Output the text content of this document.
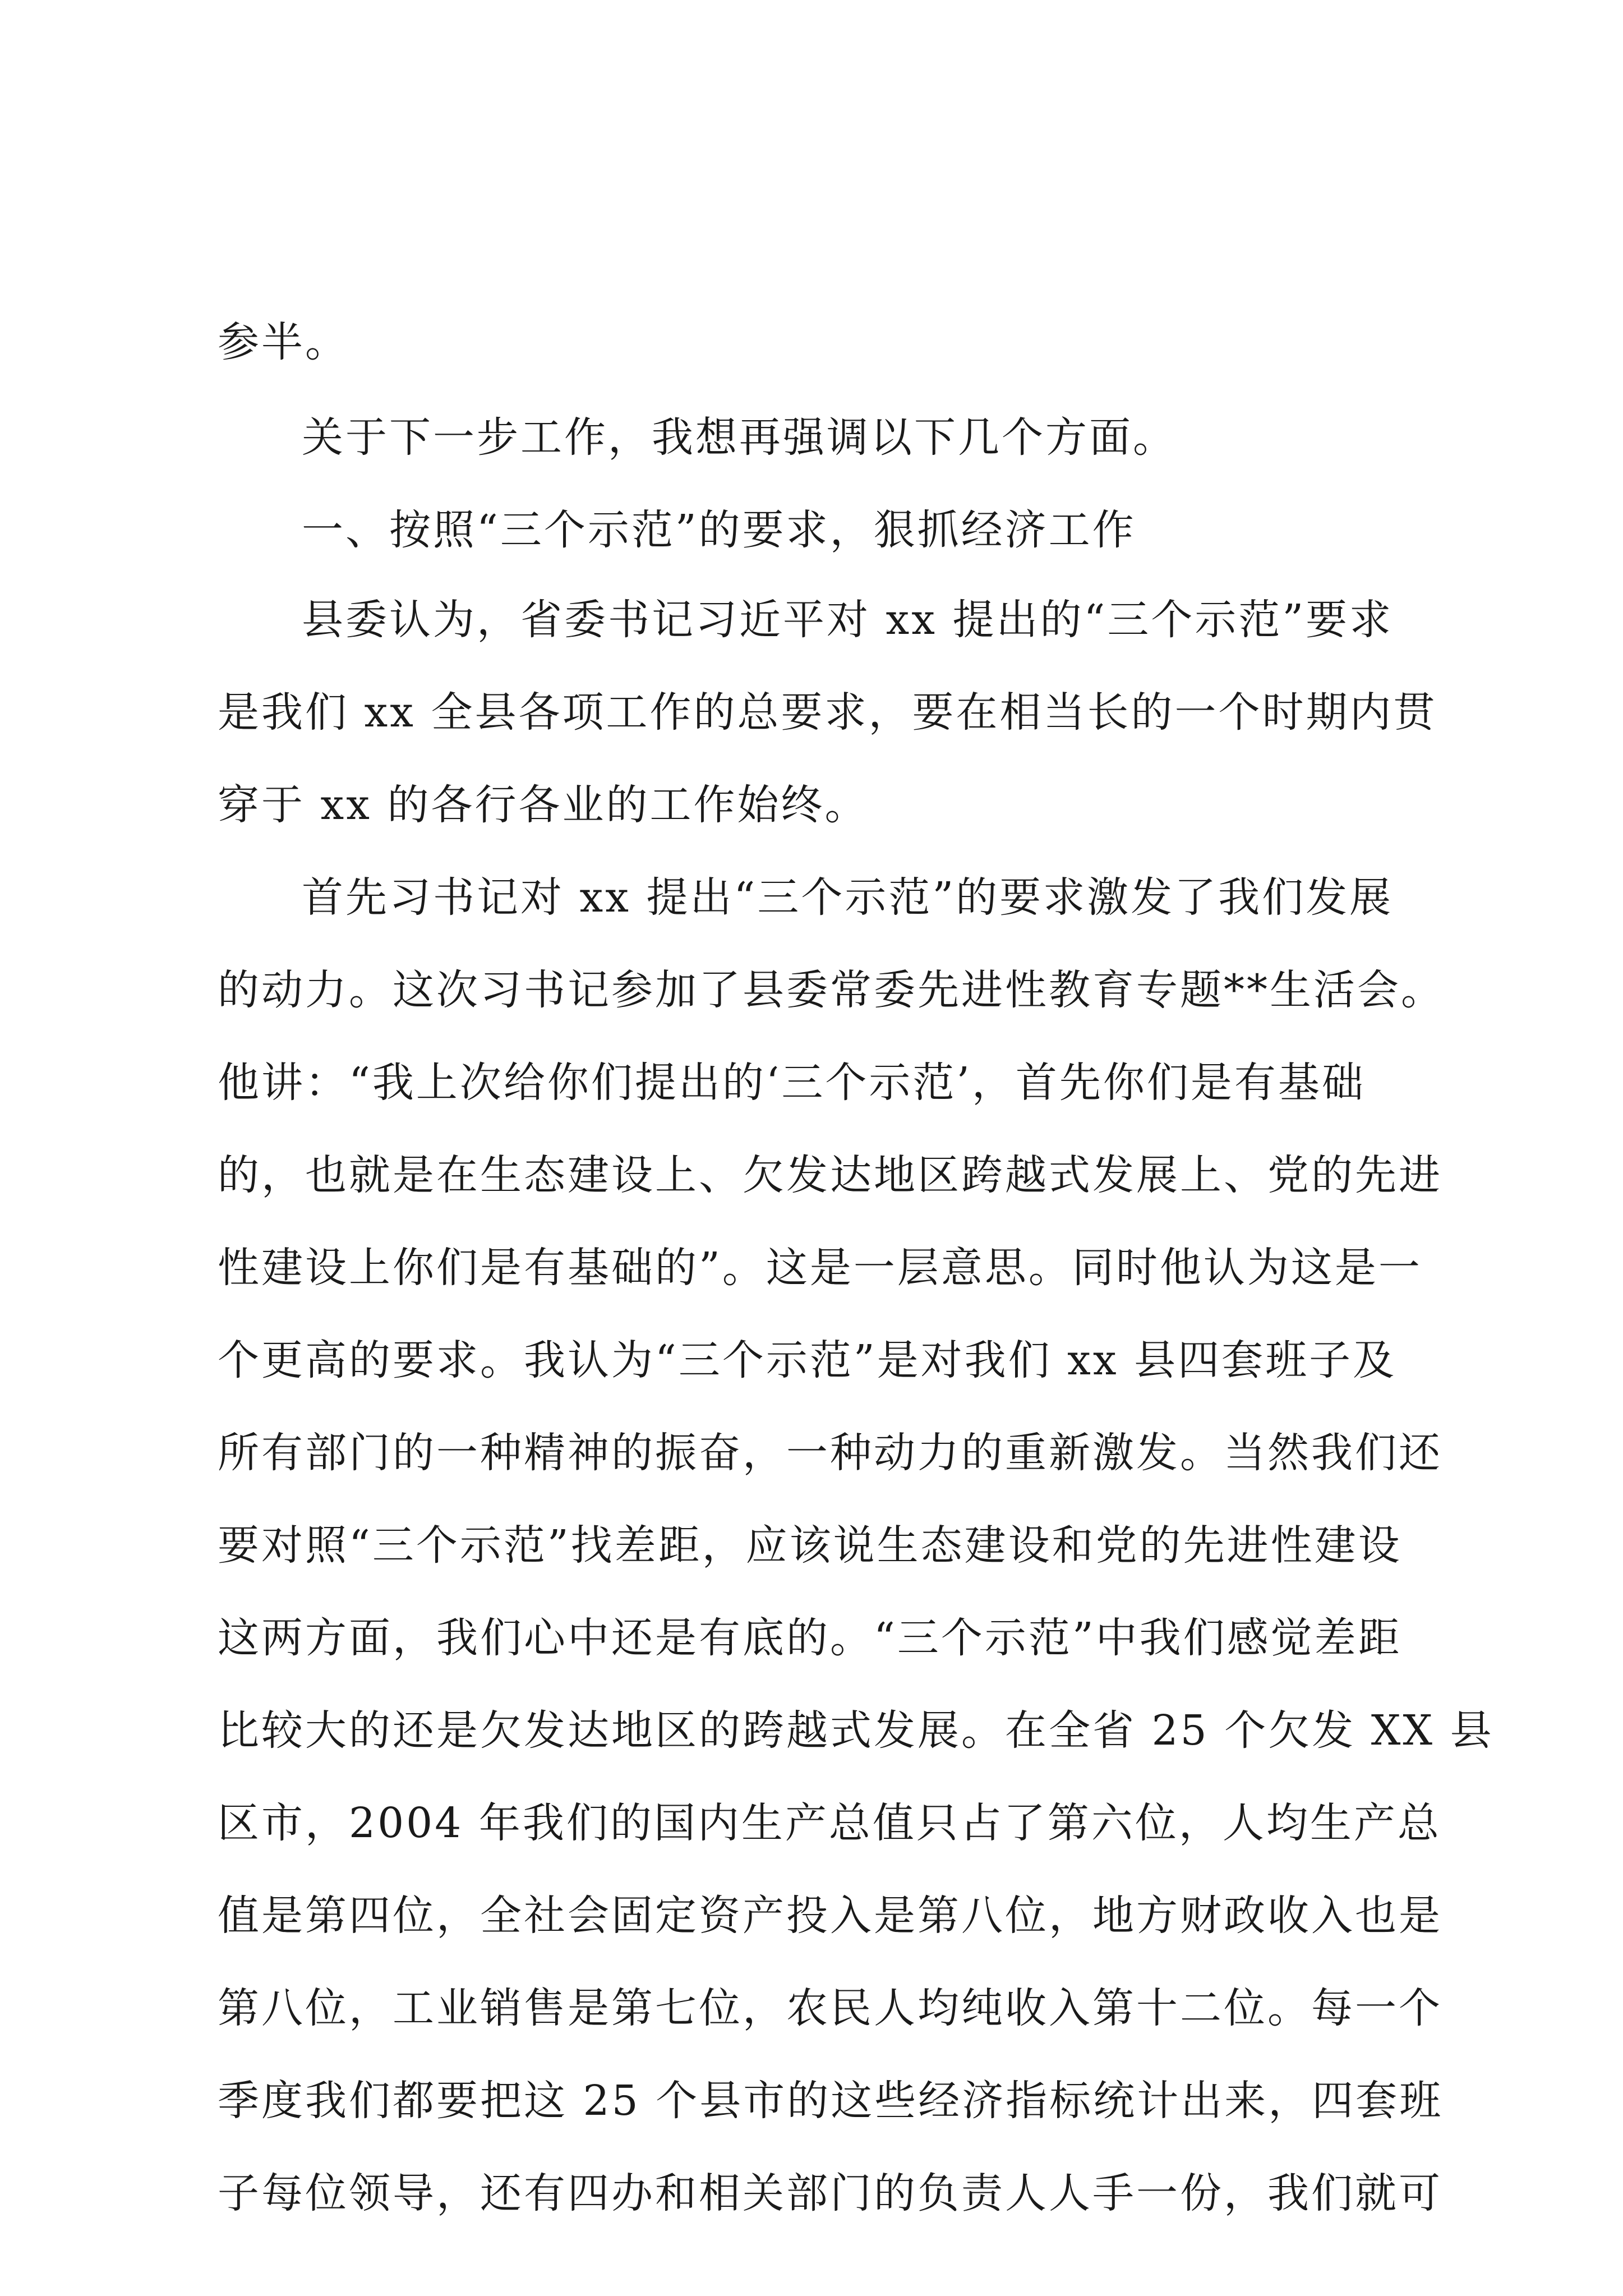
参半。
关于下一步工作，我想再强调以下几个方面。
一、按照“三个示范”的要求，狠抓经济工作
县委认为，省委书记习近平对 xx 提出的“三个示范”要求
是我们 xx 全县各项工作的总要求，要在相当长的一个时期内贯
穿于 xx 的各行各业的工作始终。
首先习书记对 xx 提出“三个示范”的要求激发了我们发展
的动力。这次习书记参加了县委常委先进性教育专题**生活会。
他讲：“我上次给你们提出的‘三个示范’，首先你们是有基础
的，也就是在生态建设上、欠发达地区跨越式发展上、党的先进
性建设上你们是有基础的”。这是一层意思。同时他认为这是一
个更高的要求。我认为“三个示范”是对我们 xx 县四套班子及
所有部门的一种精神的振奋，一种动力的重新激发。当然我们还
要对照“三个示范”找差距，应该说生态建设和党的先进性建设
这两方面，我们心中还是有底的。“三个示范”中我们感觉差距
比较大的还是欠发达地区的跨越式发展。在全省 25 个欠发 XX 县
区市，2004 年我们的国内生产总值只占了第六位，人均生产总
值是第四位，全社会固定资产投入是第八位，地方财政收入也是
第八位，工业销售是第七位，农民人均纯收入第十二位。每一个
季度我们都要把这 25 个县市的这些经济指标统计出来，四套班
子每位领导，还有四办和相关部门的负责人人手一份，我们就可
